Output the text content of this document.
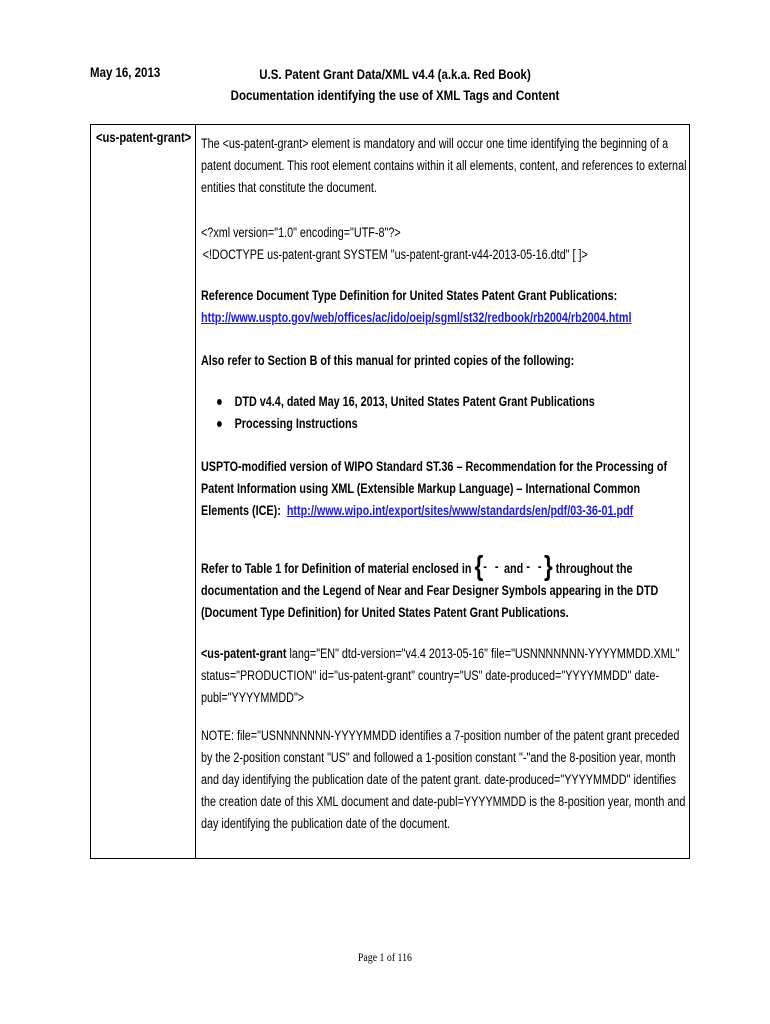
May 16, 2013	U.S. Patent Grant Data/XML v4.4 (a.k.a. Red Book)
Documentation identifying the use of XML Tags and Content
<us-patent-grant> The <us-patent-grant> element is mandatory and will occur one time identifying the beginning of a patent document. This root element contains within it all elements, content, and references to external entities that constitute the document.

<?xml version="1.0" encoding="UTF-8"?>

<!DOCTYPE us-patent-grant SYSTEM "us-patent-grant-v44-2013-05-16.dtd" [ ]>

Reference Document Type Definition for United States Patent Grant Publications:

http://www.uspto.gov/web/offices/ac/ido/oeip/sgml/st32/redbook/rb2004/rb2004.html

Also refer to Section B of this manual for printed copies of the following:

DTD v4.4, dated May 16, 2013, United States Patent Grant Publications
Processing Instructions

USPTO-modified version of WIPO Standard ST.36 – Recommendation for the Processing of Patent Information using XML (Extensible Markup Language) – International Common Elements (ICE): http://www.wipo.int/export/sites/www/standards/en/pdf/03-36-01.pdf

Refer to Table 1 for Definition of material enclosed in {- - and - -} throughout the documentation and the Legend of Near and Fear Designer Symbols appearing in the DTD (Document Type Definition) for United States Patent Grant Publications.

<us-patent-grant lang="EN" dtd-version="v4.4 2013-05-16" file="USNNNNNNN-YYYYMMDD.XML" status="PRODUCTION" id="us-patent-grant" country="US" date-produced="YYYYMMDD" date-publ="YYYYMMDD">

NOTE: file="USNNNNNNN-YYYYMMDD identifies a 7-position number of the patent grant preceded by the 2-position constant "US" and followed a 1-position constant "-"and the 8-position year, month and day identifying the publication date of the patent grant. date-produced="YYYYMMDD" identifies the creation date of this XML document and date-publ=YYYYMMDD is the 8-position year, month and day identifying the publication date of the document.

Page 1 of 116
